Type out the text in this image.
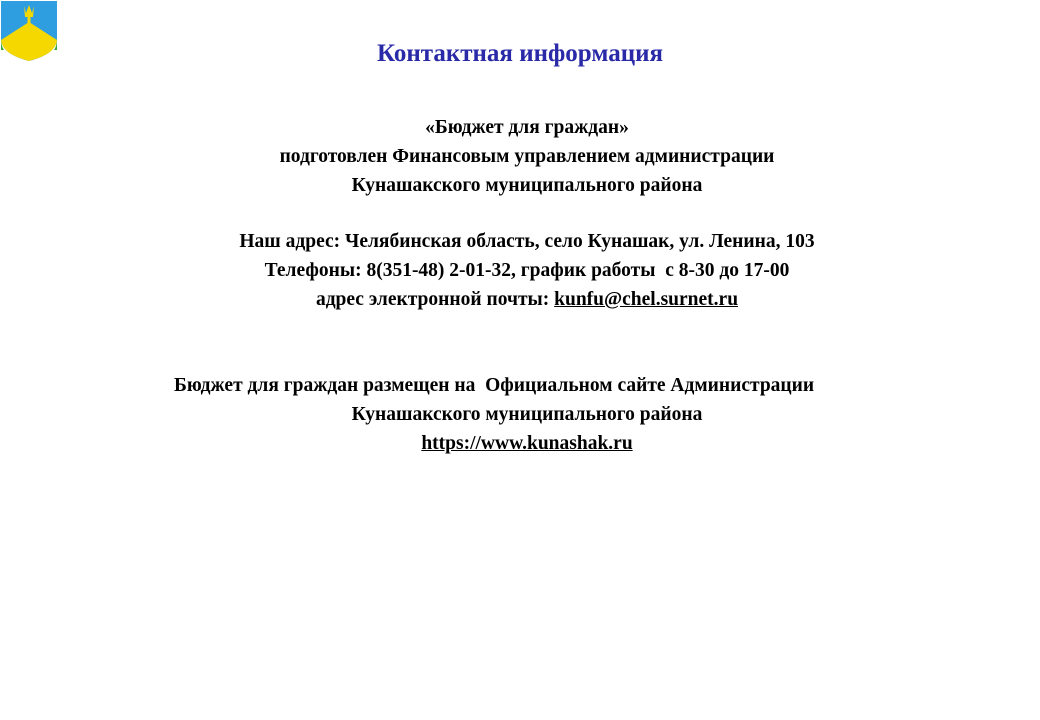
Контактная информация
«Бюджет для граждан»
подготовлен Финансовым управлением администрации
Кунашакского муниципального района
Наш адрес: Челябинская область, село Кунашак, ул. Ленина, 103
Телефоны: 8(351-48) 2-01-32, график работы  с 8-30 до 17-00
адрес электронной почты: kunfu@chel.surnet.ru
Бюджет для граждан размещен на  Официальном сайте Администрации
Кунашакского муниципального района
https://www.kunashak.ru
